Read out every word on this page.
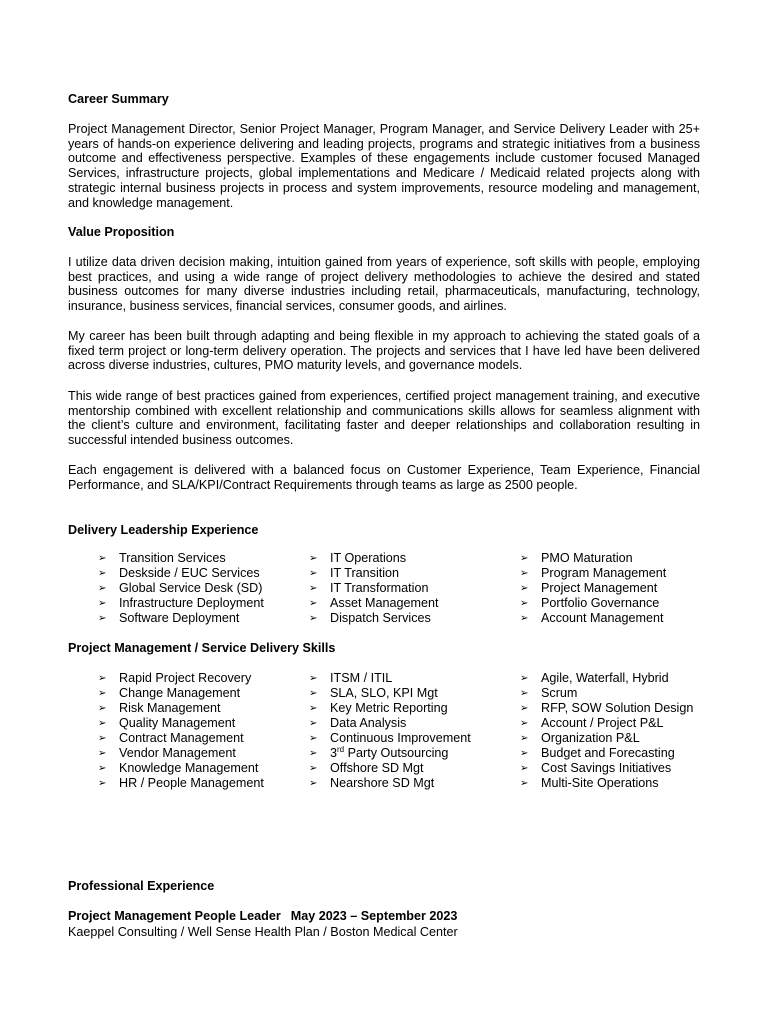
Career Summary

Project Management Director, Senior Project Manager, Program Manager, and Service Delivery Leader with 25+ years of hands-on experience delivering and leading projects, programs and strategic initiatives from a business outcome and effectiveness perspective. Examples of these engagements include customer focused Managed Services, infrastructure projects, global implementations and Medicare / Medicaid related projects along with strategic internal business projects in process and system improvements, resource modeling and management, and knowledge management.

Value Proposition

I utilize data driven decision making, intuition gained from years of experience, soft skills with people, employing best practices, and using a wide range of project delivery methodologies to achieve the desired and stated business outcomes for many diverse industries including retail, pharmaceuticals, manufacturing, technology, insurance, business services, financial services, consumer goods, and airlines.

My career has been built through adapting and being flexible in my approach to achieving the stated goals of a fixed term project or long-term delivery operation. The projects and services that I have led have been delivered across diverse industries, cultures, PMO maturity levels, and governance models.

This wide range of best practices gained from experiences, certified project management training, and executive mentorship combined with excellent relationship and communications skills allows for seamless alignment with the client’s culture and environment, facilitating faster and deeper relationships and collaboration resulting in successful intended business outcomes.

Each engagement is delivered with a balanced focus on Customer Experience, Team Experience, Financial Performance, and SLA/KPI/Contract Requirements through teams as large as 2500 people.

Delivery Leadership Experience
➢ Transition Services
➢ Deskside / EUC Services
➢ Global Service Desk (SD)
➢ Infrastructure Deployment
➢ Software Deployment
➢ IT Operations
➢ IT Transition
➢ IT Transformation
➢ Asset Management
➢ Dispatch Services
➢ PMO Maturation
➢ Program Management
➢ Project Management
➢ Portfolio Governance
➢ Account Management
Project Management / Service Delivery Skills
➢ Rapid Project Recovery
➢ Change Management
➢ Risk Management
➢ Quality Management
➢ Contract Management
➢ Vendor Management
➢ Knowledge Management
➢ HR / People Management
➢ ITSM / ITIL
➢ SLA, SLO, KPI Mgt
➢ Key Metric Reporting
➢ Data Analysis
➢ Continuous Improvement
➢ 3rd Party Outsourcing
➢ Offshore SD Mgt
➢ Nearshore SD Mgt
➢ Agile, Waterfall, Hybrid
➢ Scrum
➢ RFP, SOW Solution Design
➢ Account / Project P&L
➢ Organization P&L
➢ Budget and Forecasting
➢ Cost Savings Initiatives
➢ Multi-Site Operations
Professional Experience
Project Management People Leader May 2023 – September 2023
Kaeppel Consulting / Well Sense Health Plan / Boston Medical Center
